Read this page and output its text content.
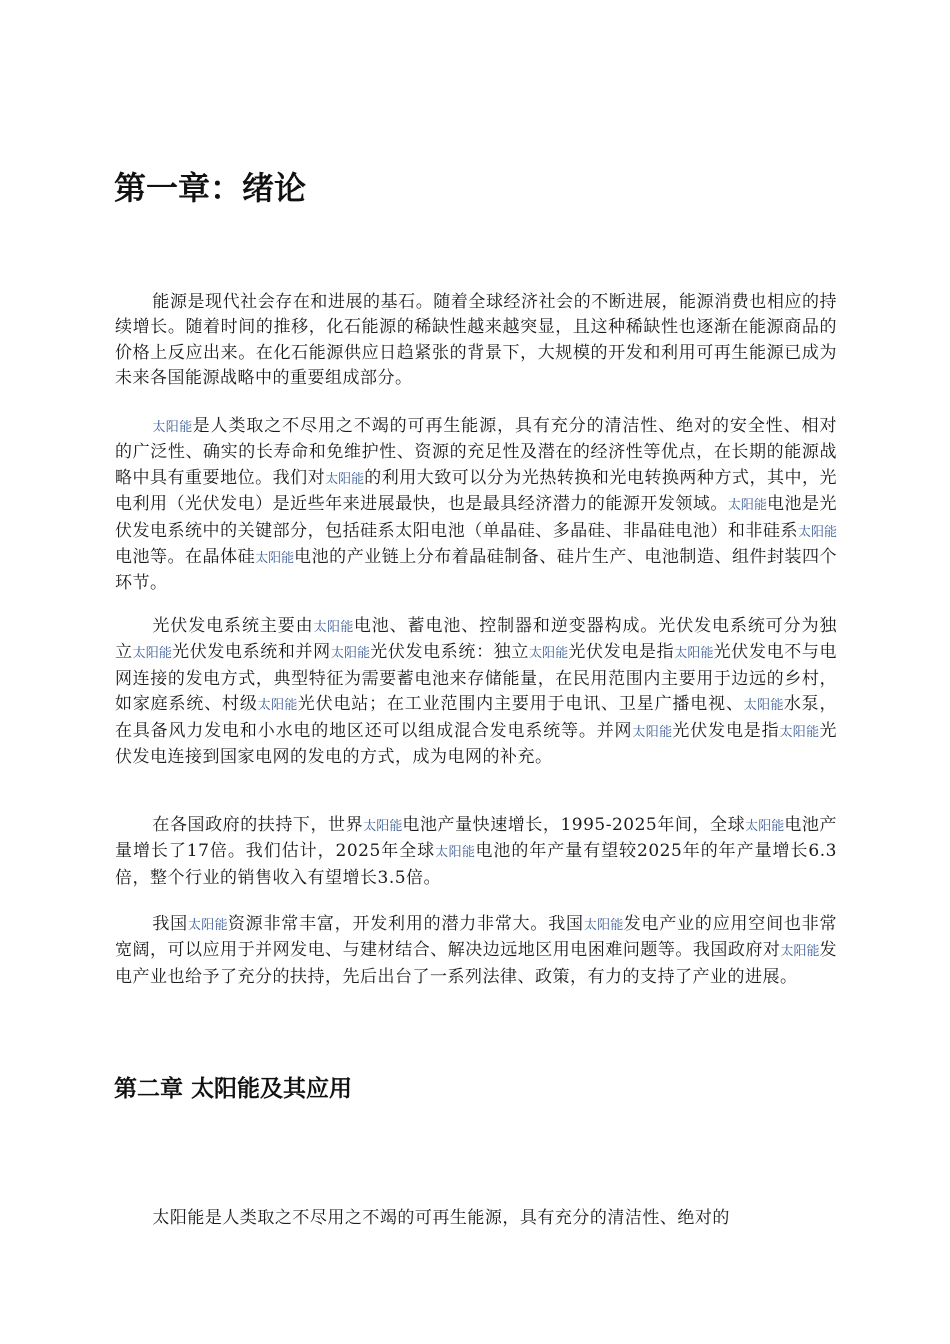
第一章：绪论

能源是现代社会存在和进展的基石。随着全球经济社会的不断进展，能源消费也相应的持续增长。随着时间的推移，化石能源的稀缺性越来越突显，且这种稀缺性也逐渐在能源商品的价格上反应出来。在化石能源供应日趋紧张的背景下，大规模的开发和利用可再生能源已成为未来各国能源战略中的重要组成部分。

太阳能是人类取之不尽用之不竭的可再生能源，具有充分的清洁性、绝对的安全性、相对的广泛性、确实的长寿命和免维护性、资源的充足性及潜在的经济性等优点，在长期的能源战略中具有重要地位。我们对太阳能的利用大致可以分为光热转换和光电转换两种方式，其中，光电利用（光伏发电）是近些年来进展最快，也是最具经济潜力的能源开发领域。太阳能电池是光伏发电系统中的关键部分，包括硅系太阳电池（单晶硅、多晶硅、非晶硅电池）和非硅系太阳能电池等。在晶体硅太阳能电池的产业链上分布着晶硅制备、硅片生产、电池制造、组件封装四个环节。

光伏发电系统主要由太阳能电池、蓄电池、控制器和逆变器构成。光伏发电系统可分为独立太阳能光伏发电系统和并网太阳能光伏发电系统：独立太阳能光伏发电是指太阳能光伏发电不与电网连接的发电方式，典型特征为需要蓄电池来存储能量，在民用范围内主要用于边远的乡村，如家庭系统、村级太阳能光伏电站；在工业范围内主要用于电讯、卫星广播电视、太阳能水泵，在具备风力发电和小水电的地区还可以组成混合发电系统等。并网太阳能光伏发电是指太阳能光伏发电连接到国家电网的发电的方式，成为电网的补充。

在各国政府的扶持下，世界太阳能电池产量快速增长，1995-2025年间，全球太阳能电池产量增长了17倍。我们估计，2025年全球太阳能电池的年产量有望较2025年的年产量增长6.3倍，整个行业的销售收入有望增长3.5倍。

我国太阳能资源非常丰富，开发利用的潜力非常大。我国太阳能发电产业的应用空间也非常宽阔，可以应用于并网发电、与建材结合、解决边远地区用电困难问题等。我国政府对太阳能发电产业也给予了充分的扶持，先后出台了一系列法律、政策，有力的支持了产业的进展。

第二章 太阳能及其应用

太阳能是人类取之不尽用之不竭的可再生能源，具有充分的清洁性、绝对的
